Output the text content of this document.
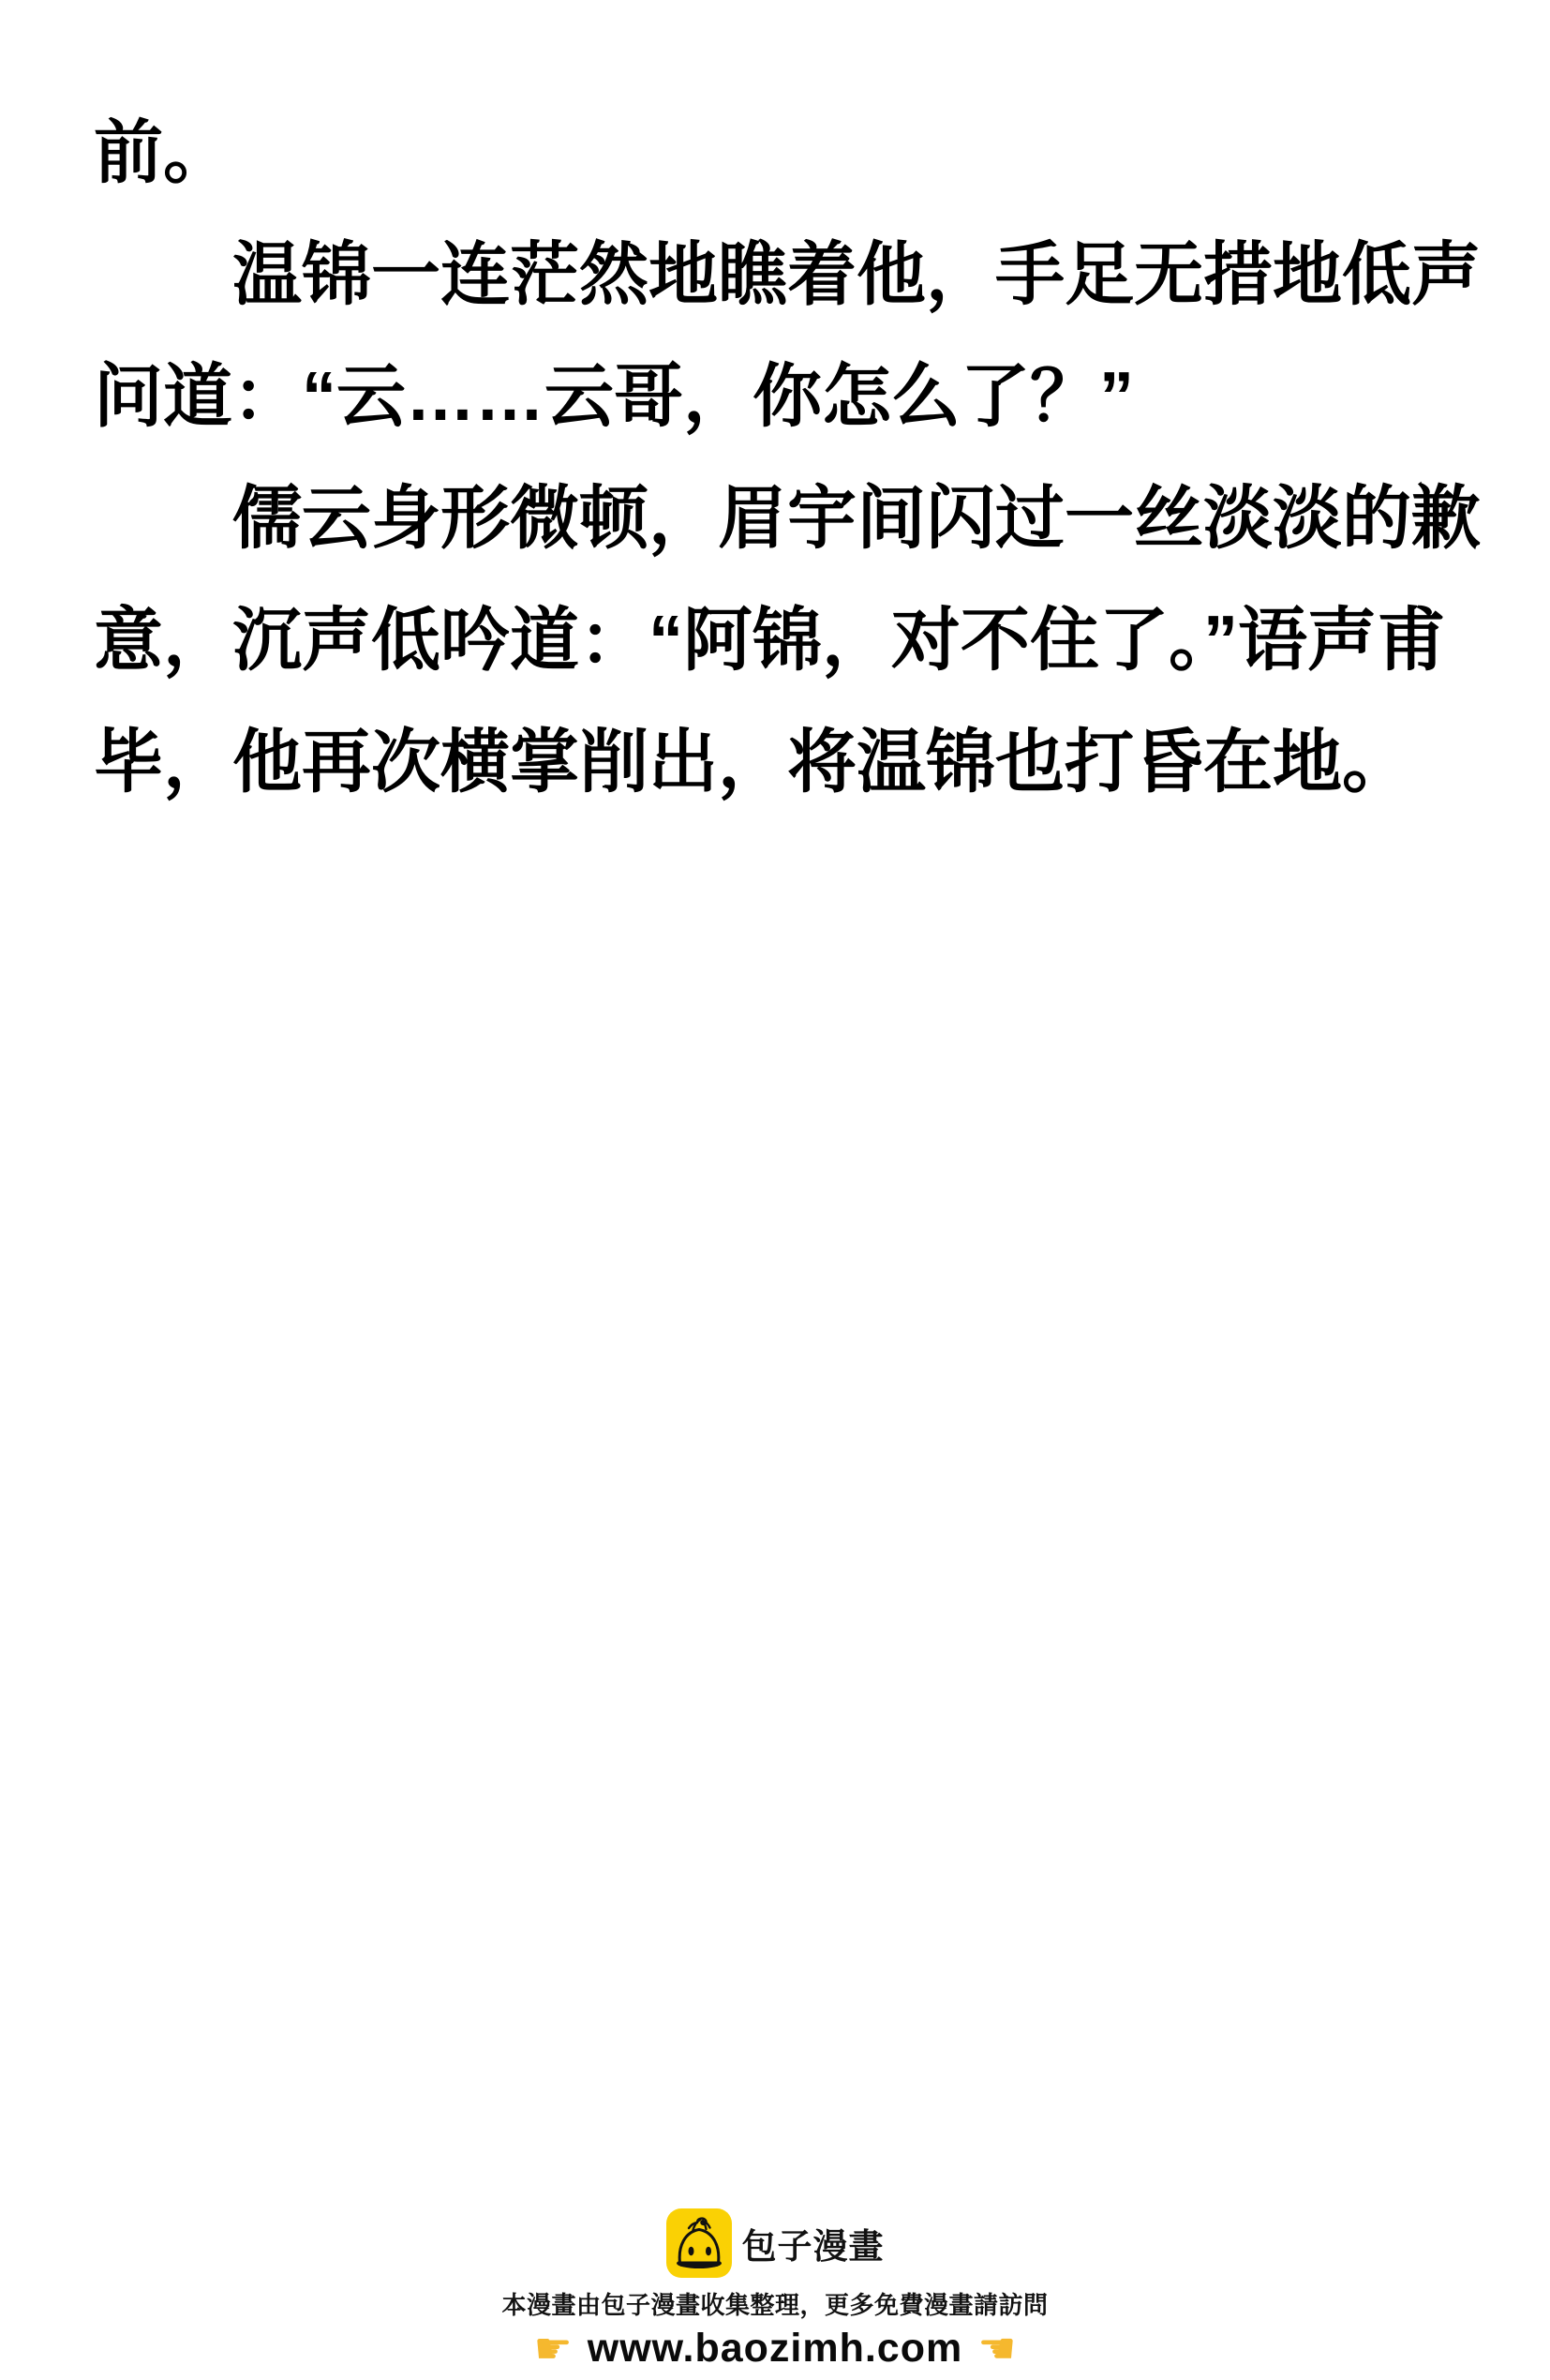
前。

温锦一连茫然地瞧着他，手足无措地低声

问道：“云……云哥，你怎么了？”

儒云身形微顿，眉宇间闪过一丝淡淡的歉

意，沉声低吟道：“阿锦，对不住了。”语声甫

毕，他再次横掌削出，将温锦也打昏在地。

包子漫畫
本漫畫由包子漫畫收集整理，更多免費漫畫請訪問
☛ www.baozimh.com ☚
